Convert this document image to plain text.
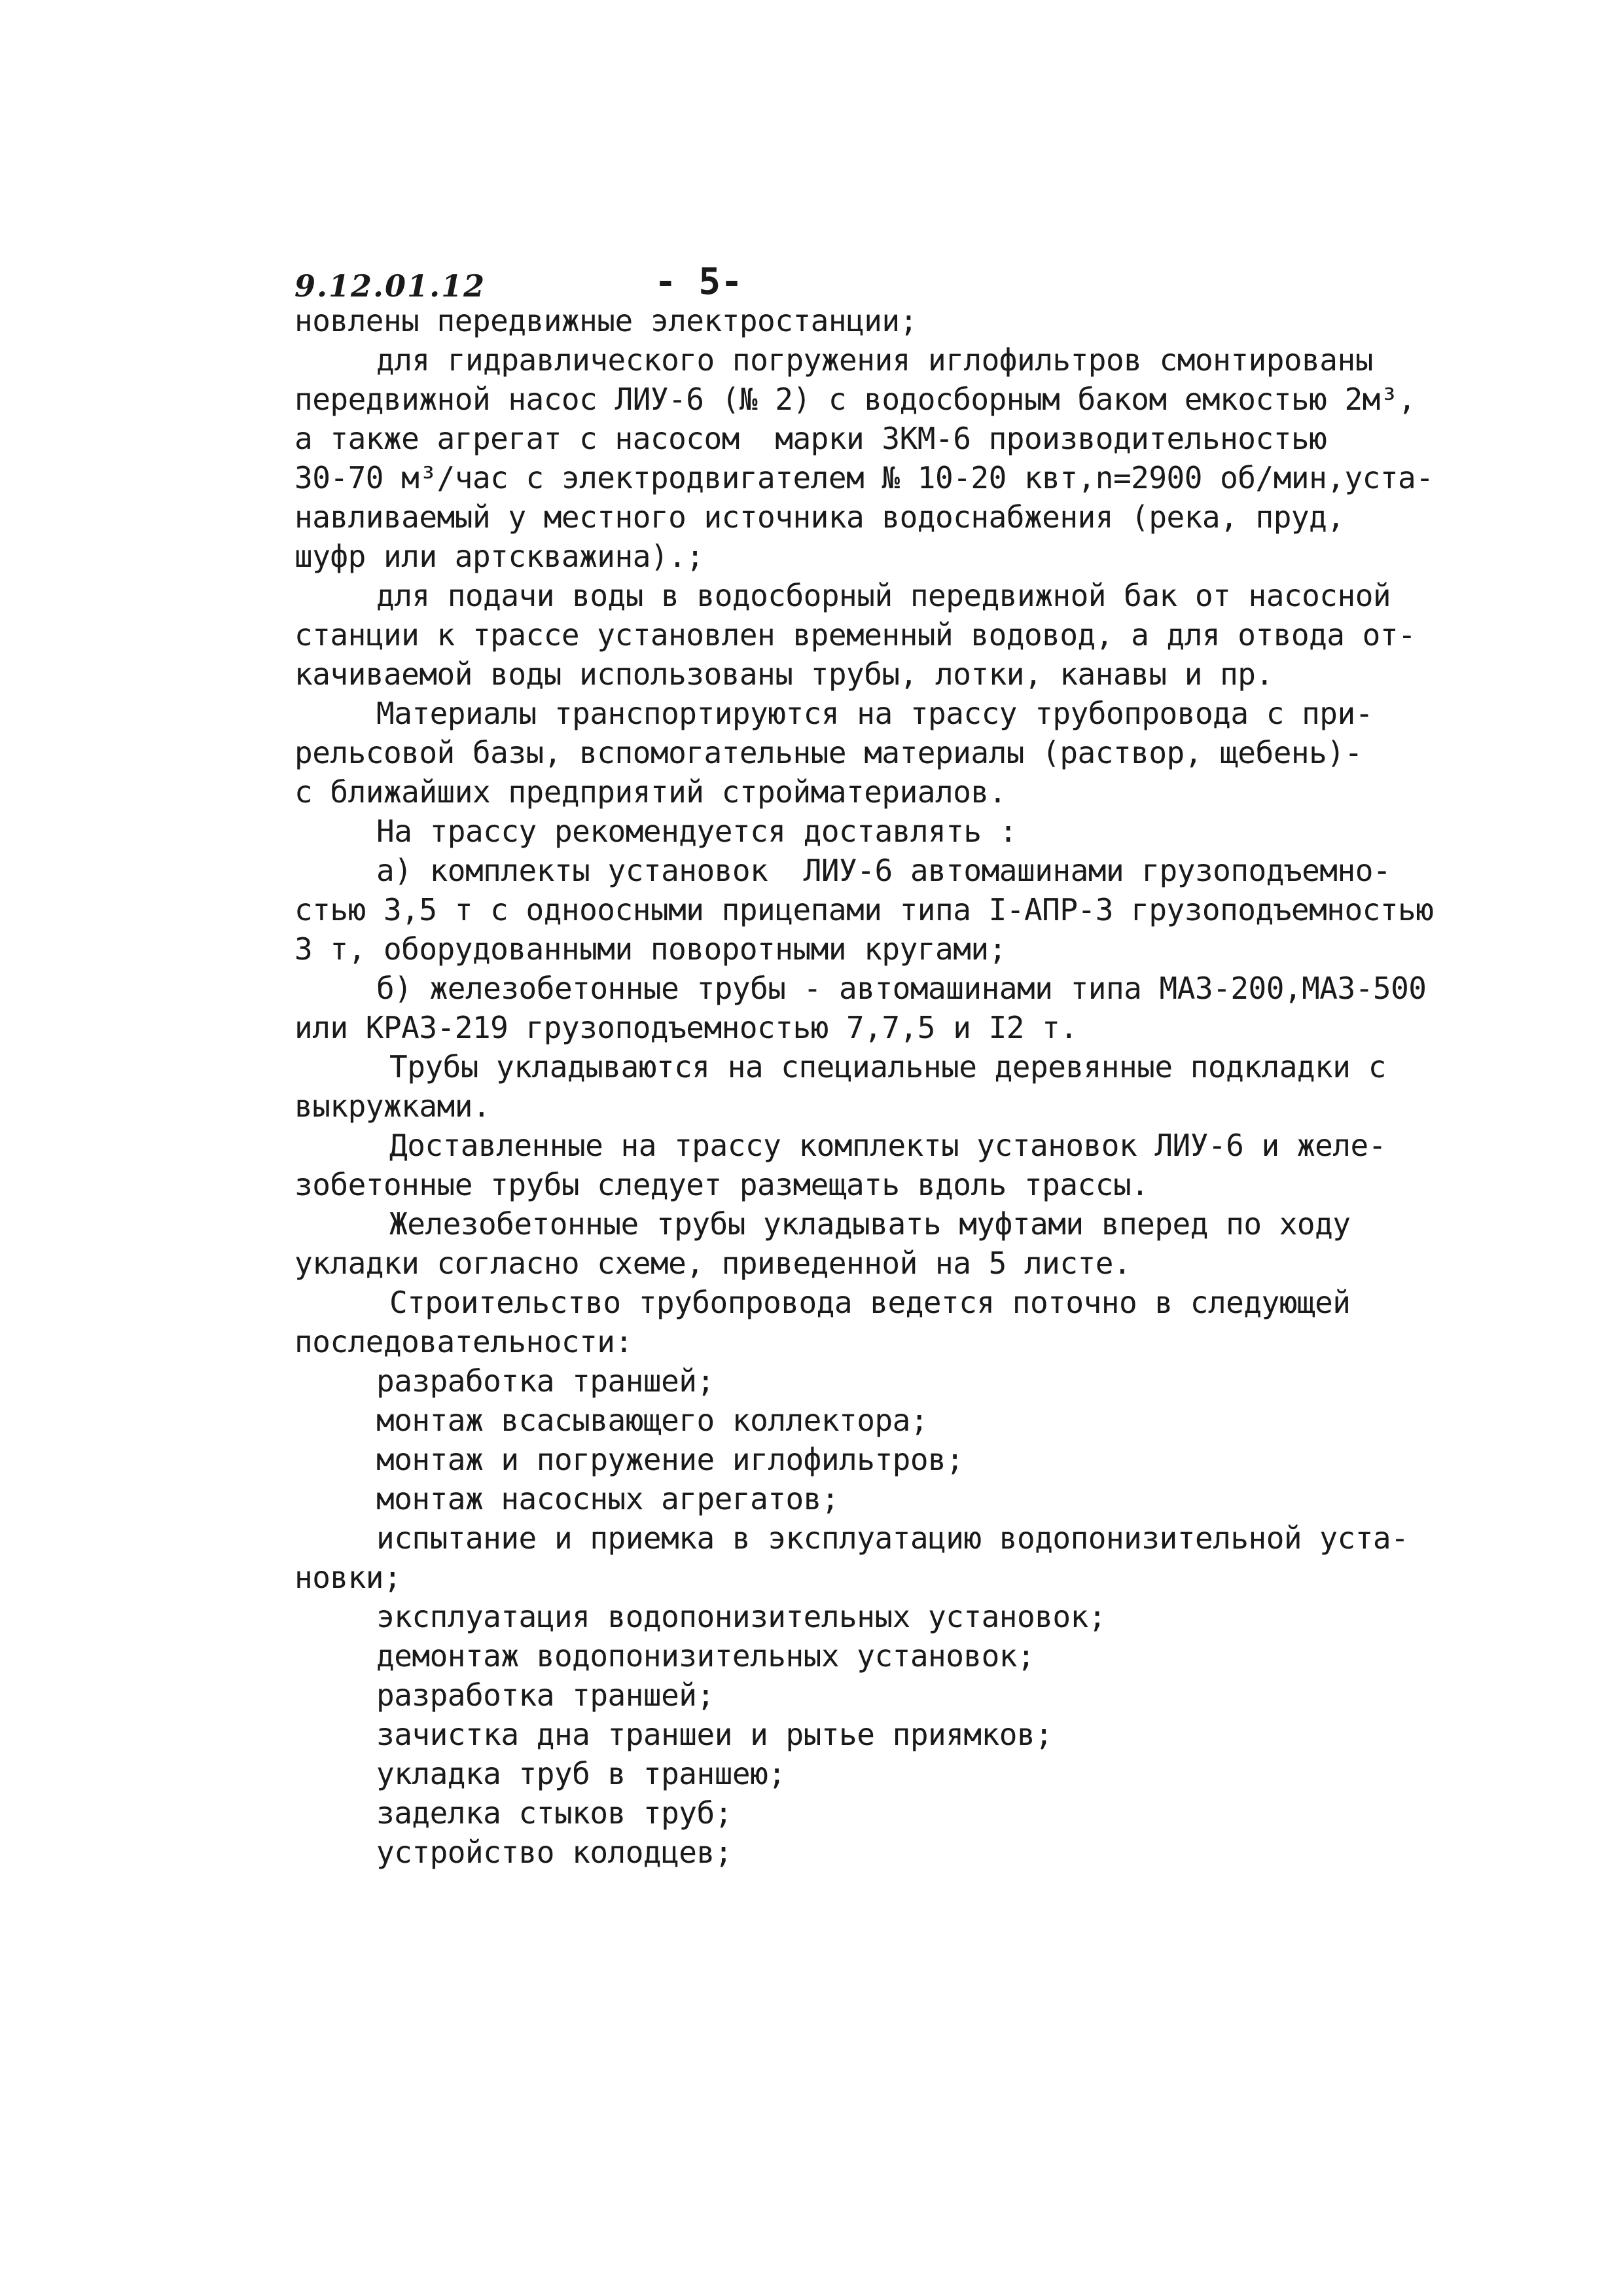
9.12.01.12	- 5-
новлены передвижные электростанции;
для гидравлического погружения иглофильтров смонтированы
передвижной насос ЛИУ-6 (№ 2) с водосборным баком емкостью 2м³,
а также агрегат с насосом  марки ЗКМ-6 производительностью
30-70 м³/час с электродвигателем № 10-20 квт,n=2900 об/мин,уста-
навливаемый у местного источника водоснабжения (река, пруд,
шуфр или артскважина).;
для подачи воды в водосборный передвижной бак от насосной
станции к трассе установлен временный водовод, а для отвода от-
качиваемой воды использованы трубы, лотки, канавы и пр.
Материалы транспортируются на трассу трубопровода с при-
рельсовой базы, вспомогательные материалы (раствор, щебень)-
с ближайших предприятий стройматериалов.
На трассу рекомендуется доставлять :
а) комплекты установок  ЛИУ-6 автомашинами грузоподъемно-
стью 3,5 т с одноосными прицепами типа I-АПР-3 грузоподъемностью
3 т, оборудованными поворотными кругами;
б) железобетонные трубы - автомашинами типа МАЗ-200,МАЗ-500
или КРАЗ-219 грузоподъемностью 7,7,5 и I2 т.
Трубы укладываются на специальные деревянные подкладки с
выкружками.
Доставленные на трассу комплекты установок ЛИУ-6 и желе-
зобетонные трубы следует размещать вдоль трассы.
Железобетонные трубы укладывать муфтами вперед по ходу
укладки согласно схеме, приведенной на 5 листе.
Строительство трубопровода ведется поточно в следующей
последовательности:
разработка траншей;
монтаж всасывающего коллектора;
монтаж и погружение иглофильтров;
монтаж насосных агрегатов;
испытание и приемка в эксплуатацию водопонизительной уста-
новки;
эксплуатация водопонизительных установок;
демонтаж водопонизительных установок;
разработка траншей;
зачистка дна траншеи и рытье приямков;
укладка труб в траншею;
заделка стыков труб;
устройство колодцев;
